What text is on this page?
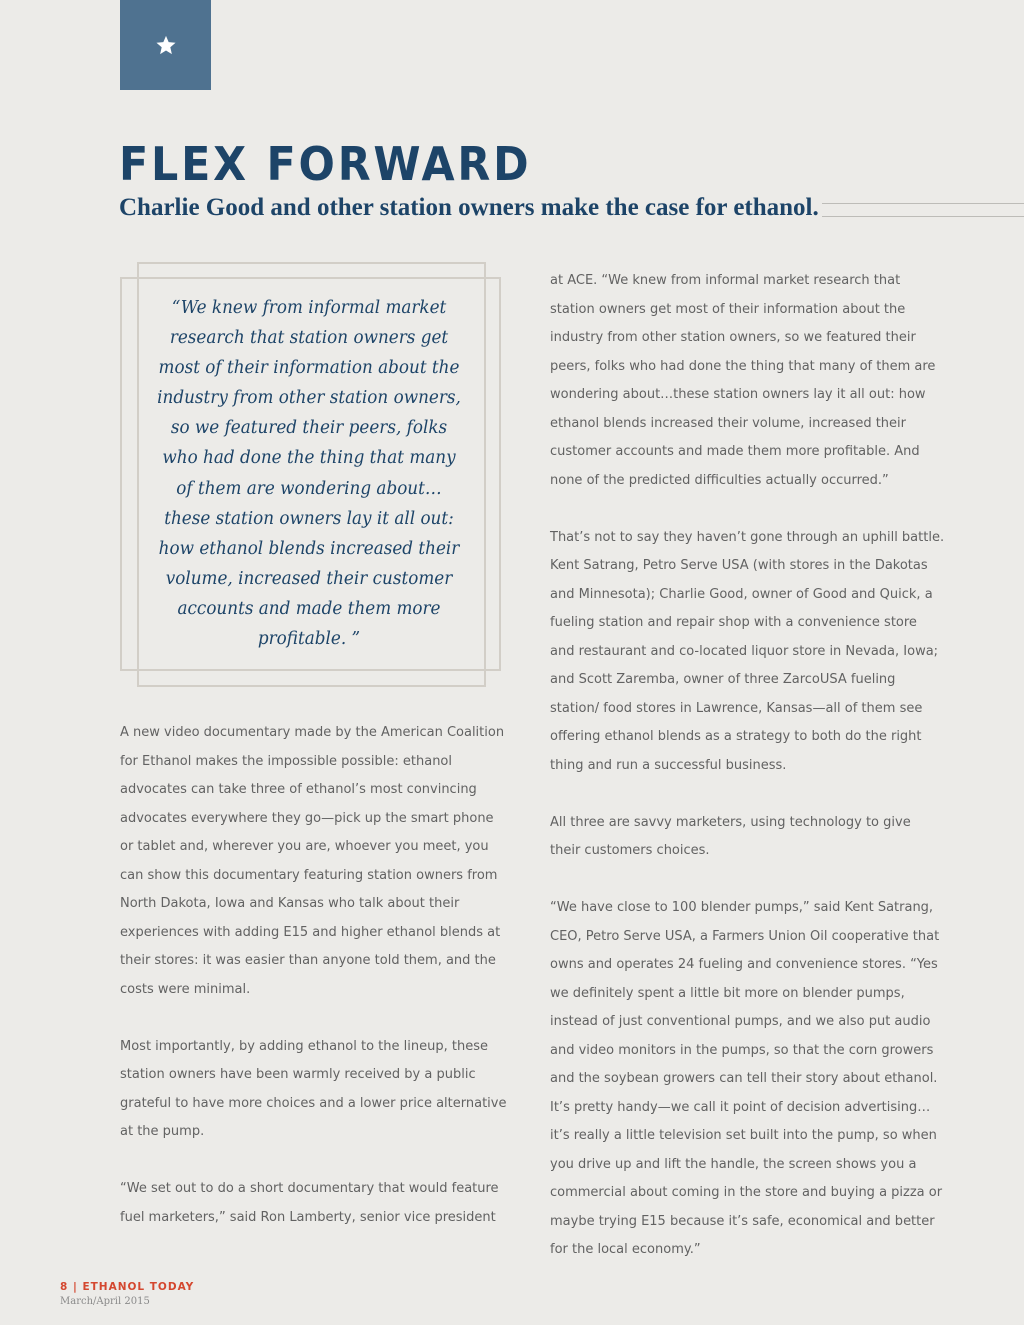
FLEX FORWARD
Charlie Good and other station owners make the case for ethanol.

“We knew from informal market research that station owners get most of their information about the industry from other station owners, so we featured their peers, folks who had done the thing that many of them are wondering about… these station owners lay it all out: how ethanol blends increased their volume, increased their customer accounts and made them more profitable. ”

A new video documentary made by the American Coalition for Ethanol makes the impossible possible: ethanol advocates can take three of ethanol’s most convincing advocates everywhere they go—pick up the smart phone or tablet and, wherever you are, whoever you meet, you can show this documentary featuring station owners from North Dakota, Iowa and Kansas who talk about their experiences with adding E15 and higher ethanol blends at their stores: it was easier than anyone told them, and the costs were minimal.

Most importantly, by adding ethanol to the lineup, these station owners have been warmly received by a public grateful to have more choices and a lower price alternative at the pump.

“We set out to do a short documentary that would feature fuel marketers,” said Ron Lamberty, senior vice president

at ACE. “We knew from informal market research that station owners get most of their information about the industry from other station owners, so we featured their peers, folks who had done the thing that many of them are wondering about…these station owners lay it all out: how ethanol blends increased their volume, increased their customer accounts and made them more profitable. And none of the predicted difficulties actually occurred.”

That’s not to say they haven’t gone through an uphill battle. Kent Satrang, Petro Serve USA (with stores in the Dakotas and Minnesota); Charlie Good, owner of Good and Quick, a fueling station and repair shop with a convenience store and restaurant and co-located liquor store in Nevada, Iowa; and Scott Zaremba, owner of three ZarcoUSA fueling station/ food stores in Lawrence, Kansas—all of them see offering ethanol blends as a strategy to both do the right thing and run a successful business.

All three are savvy marketers, using technology to give their customers choices.

“We have close to 100 blender pumps,” said Kent Satrang, CEO, Petro Serve USA, a Farmers Union Oil cooperative that owns and operates 24 fueling and convenience stores. “Yes we definitely spent a little bit more on blender pumps, instead of just conventional pumps, and we also put audio and video monitors in the pumps, so that the corn growers and the soybean growers can tell their story about ethanol. It’s pretty handy—we call it point of decision advertising… it’s really a little television set built into the pump, so when you drive up and lift the handle, the screen shows you a commercial about coming in the store and buying a pizza or maybe trying E15 because it’s safe, economical and better for the local economy.”

8 | ETHANOL TODAY
March/April 2015
